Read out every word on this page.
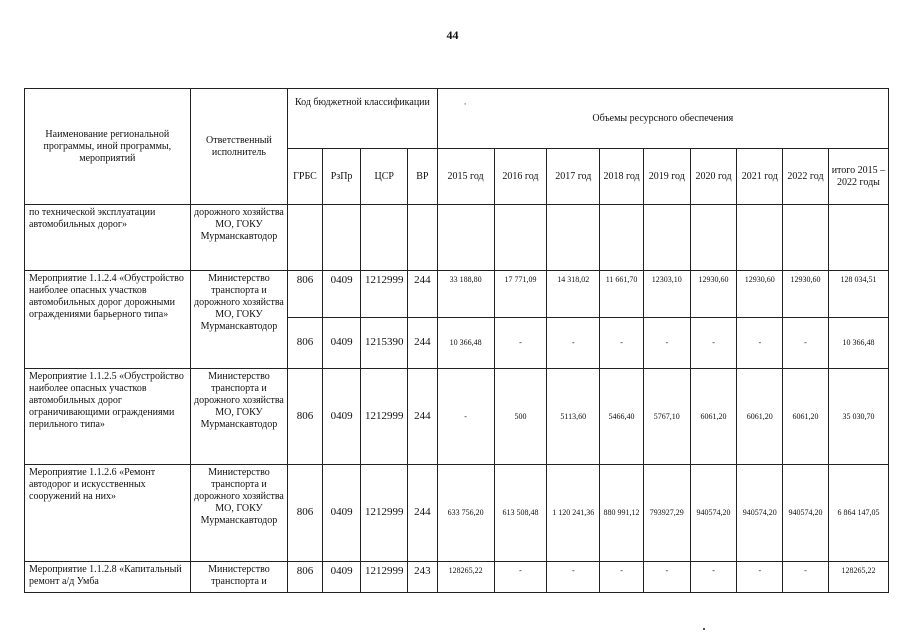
44
Наименование региональной программы, иной программы, мероприятий	Ответственный исполнитель	Код бюджетной классификации				·
Объемы ресурсного обеспечения								
		ГРБС	РзПр	ЦСР	ВР	2015 год	2016 год	2017 год	2018 год	2019 год	2020 год	2021 год	2022 год	итого 2015 – 2022 годы
по технической эксплуатации автомобильных дорог»	дорожного хозяйства МО, ГОКУ Мурманскавтодор													
Мероприятие 1.1.2.4 «Обустройство наиболее опасных участков автомобильных дорог дорожными ограждениями барьерного типа»	Министерство транспорта и дорожного хозяйства МО, ГОКУ Мурманскавтодор	806	0409	1212999	244	33 188,80	17 771,09	14 318,02	11 661,70	12303,10	12930,60	12930,60	12930,60	128 034,51
		806	0409	1215390	244	10 366,48	-	-	-	-	-	-	-	10 366,48
Мероприятие 1.1.2.5 «Обустройство наиболее опасных участков автомобильных дорог ограничивающими ограждениями перильного типа»	Министерство транспорта и дорожного хозяйства МО, ГОКУ Мурманскавтодор	806	0409	1212999	244	-	500	5113,60	5466,40	5767,10	6061,20	6061,20	6061,20	35 030,70
Мероприятие 1.1.2.6 «Ремонт автодорог и искусственных сооружений на них»	Министерство транспорта и дорожного хозяйства МО, ГОКУ Мурманскавтодор	806	0409	1212999	244	633 756,20	613 508,48	1 120 241,36	880 991,12	793927,29	940574,20	940574,20	940574,20	6 864 147,05
Мероприятие 1.1.2.8 «Капитальный ремонт а/д Умба	Министерство транспорта и	806	0409	1212999	243	128265,22	-	-	-	-	-	-	-	128265,22
